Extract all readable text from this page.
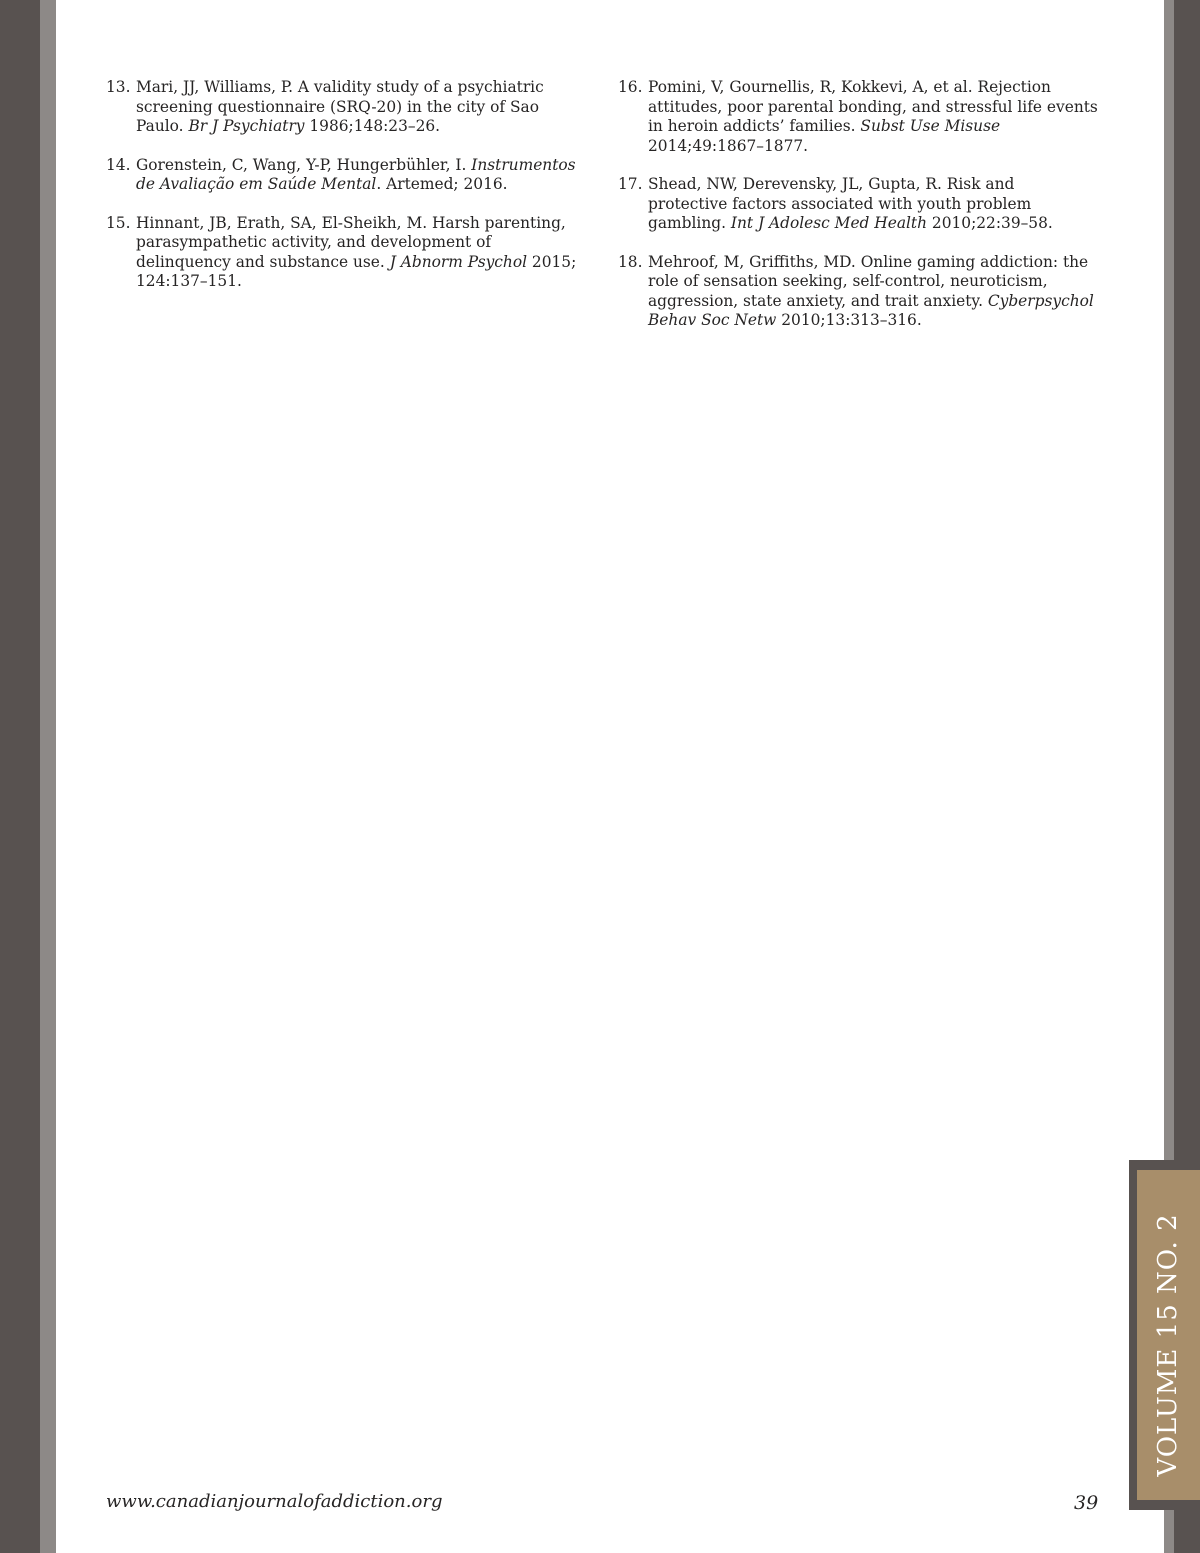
13. Mari, JJ, Williams, P. A validity study of a psychiatric screening questionnaire (SRQ-20) in the city of Sao Paulo. Br J Psychiatry 1986;148:23–26.

14. Gorenstein, C, Wang, Y-P, Hungerbühler, I. Instrumentos de Avaliação em Saúde Mental. Artemed; 2016.

15. Hinnant, JB, Erath, SA, El-Sheikh, M. Harsh parenting, parasympathetic activity, and development of delinquency and substance use. J Abnorm Psychol 2015; 124:137–151.

16. Pomini, V, Gournellis, R, Kokkevi, A, et al. Rejection attitudes, poor parental bonding, and stressful life events in heroin addicts’ families. Subst Use Misuse 2014;49:1867–1877.

17. Shead, NW, Derevensky, JL, Gupta, R. Risk and protective factors associated with youth problem gambling. Int J Adolesc Med Health 2010;22:39–58.

18. Mehroof, M, Griffiths, MD. Online gaming addiction: the role of sensation seeking, self-control, neuroticism, aggression, state anxiety, and trait anxiety. Cyberpsychol Behav Soc Netw 2010;13:313–316.

VOLUME 15 NO. 2
www.canadianjournalofaddiction.org	39
